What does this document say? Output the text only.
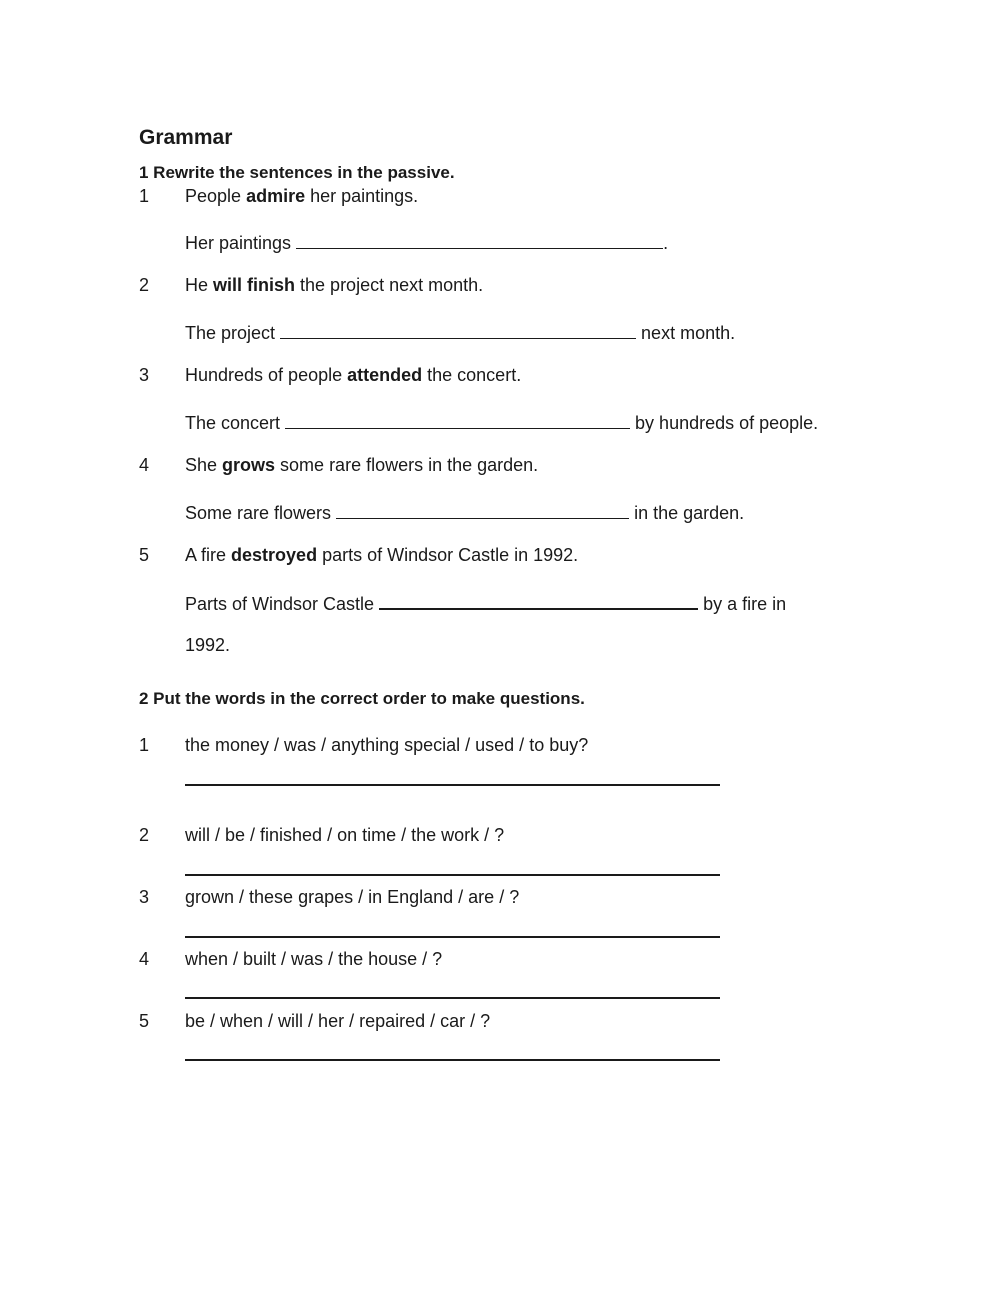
Grammar
1 Rewrite the sentences in the passive.
1 People admire her paintings.
Her paintings	.
2 He will finish the project next month.
The project	next month.
3 Hundreds of people attended the concert.
The concert	by hundreds of people.
4 She grows some rare flowers in the garden.
Some rare flowers	in the garden.
5 A fire destroyed parts of Windsor Castle in 1992.
Parts of Windsor Castle	by a fire in
1992.
2 Put the words in the correct order to make questions.
1 the money / was / anything special / used / to buy?
2 will / be / finished / on time / the work / ?
3 grown / these grapes / in England / are / ?
4 when / built / was / the house / ?
5 be / when / will / her / repaired / car / ?
